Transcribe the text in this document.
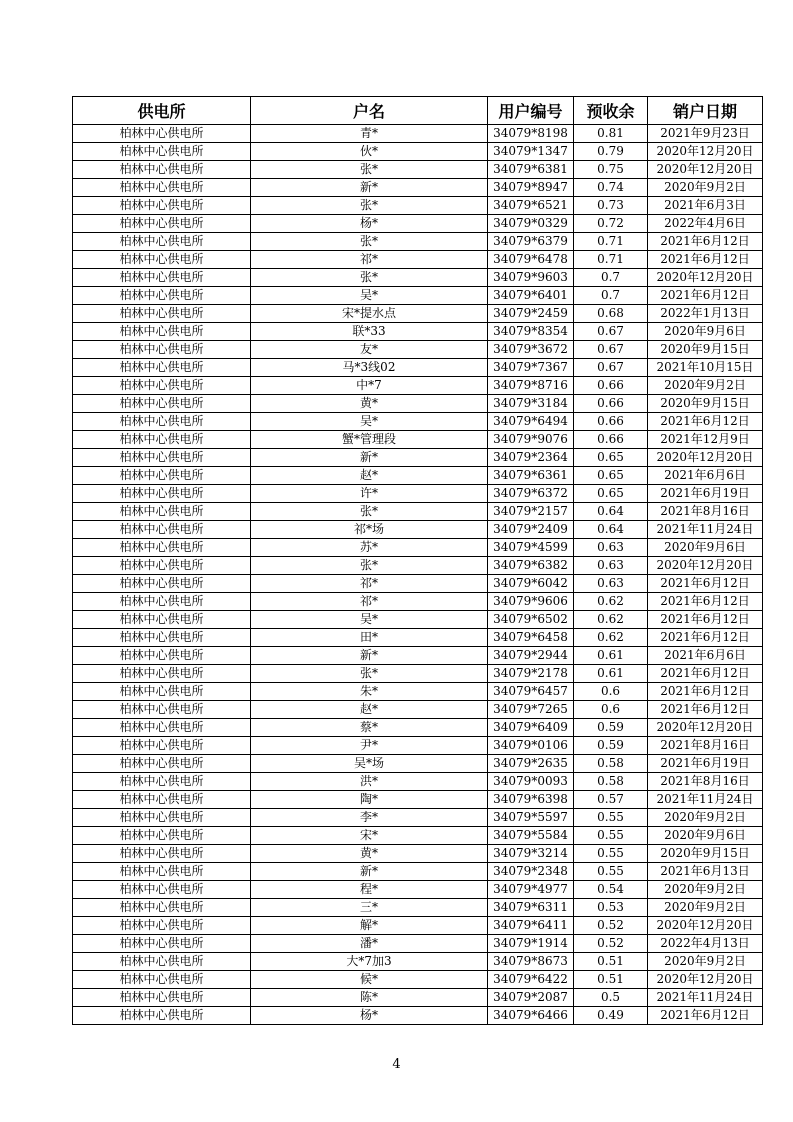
供电所	户名	用户编号	预收余	销户日期
柏林中心供电所	青*	34079*8198	0.81	2021年9月23日
柏林中心供电所	伙*	34079*1347	0.79	2020年12月20日
柏林中心供电所	张*	34079*6381	0.75	2020年12月20日
柏林中心供电所	新*	34079*8947	0.74	2020年9月2日
柏林中心供电所	张*	34079*6521	0.73	2021年6月3日
柏林中心供电所	杨*	34079*0329	0.72	2022年4月6日
柏林中心供电所	张*	34079*6379	0.71	2021年6月12日
柏林中心供电所	祁*	34079*6478	0.71	2021年6月12日
柏林中心供电所	张*	34079*9603	0.7	2020年12月20日
柏林中心供电所	吴*	34079*6401	0.7	2021年6月12日
柏林中心供电所	宋*提水点	34079*2459	0.68	2022年1月13日
柏林中心供电所	联*33	34079*8354	0.67	2020年9月6日
柏林中心供电所	友*	34079*3672	0.67	2020年9月15日
柏林中心供电所	马*3线02	34079*7367	0.67	2021年10月15日
柏林中心供电所	中*7	34079*8716	0.66	2020年9月2日
柏林中心供电所	黄*	34079*3184	0.66	2020年9月15日
柏林中心供电所	吴*	34079*6494	0.66	2021年6月12日
柏林中心供电所	蟹*管理段	34079*9076	0.66	2021年12月9日
柏林中心供电所	新*	34079*2364	0.65	2020年12月20日
柏林中心供电所	赵*	34079*6361	0.65	2021年6月6日
柏林中心供电所	许*	34079*6372	0.65	2021年6月19日
柏林中心供电所	张*	34079*2157	0.64	2021年8月16日
柏林中心供电所	祁*场	34079*2409	0.64	2021年11月24日
柏林中心供电所	苏*	34079*4599	0.63	2020年9月6日
柏林中心供电所	张*	34079*6382	0.63	2020年12月20日
柏林中心供电所	祁*	34079*6042	0.63	2021年6月12日
柏林中心供电所	祁*	34079*9606	0.62	2021年6月12日
柏林中心供电所	吴*	34079*6502	0.62	2021年6月12日
柏林中心供电所	田*	34079*6458	0.62	2021年6月12日
柏林中心供电所	新*	34079*2944	0.61	2021年6月6日
柏林中心供电所	张*	34079*2178	0.61	2021年6月12日
柏林中心供电所	朱*	34079*6457	0.6	2021年6月12日
柏林中心供电所	赵*	34079*7265	0.6	2021年6月12日
柏林中心供电所	蔡*	34079*6409	0.59	2020年12月20日
柏林中心供电所	尹*	34079*0106	0.59	2021年8月16日
柏林中心供电所	吴*场	34079*2635	0.58	2021年6月19日
柏林中心供电所	洪*	34079*0093	0.58	2021年8月16日
柏林中心供电所	陶*	34079*6398	0.57	2021年11月24日
柏林中心供电所	李*	34079*5597	0.55	2020年9月2日
柏林中心供电所	宋*	34079*5584	0.55	2020年9月6日
柏林中心供电所	黄*	34079*3214	0.55	2020年9月15日
柏林中心供电所	新*	34079*2348	0.55	2021年6月13日
柏林中心供电所	程*	34079*4977	0.54	2020年9月2日
柏林中心供电所	三*	34079*6311	0.53	2020年9月2日
柏林中心供电所	解*	34079*6411	0.52	2020年12月20日
柏林中心供电所	潘*	34079*1914	0.52	2022年4月13日
柏林中心供电所	大*7加3	34079*8673	0.51	2020年9月2日
柏林中心供电所	候*	34079*6422	0.51	2020年12月20日
柏林中心供电所	陈*	34079*2087	0.5	2021年11月24日
柏林中心供电所	杨*	34079*6466	0.49	2021年6月12日
4
